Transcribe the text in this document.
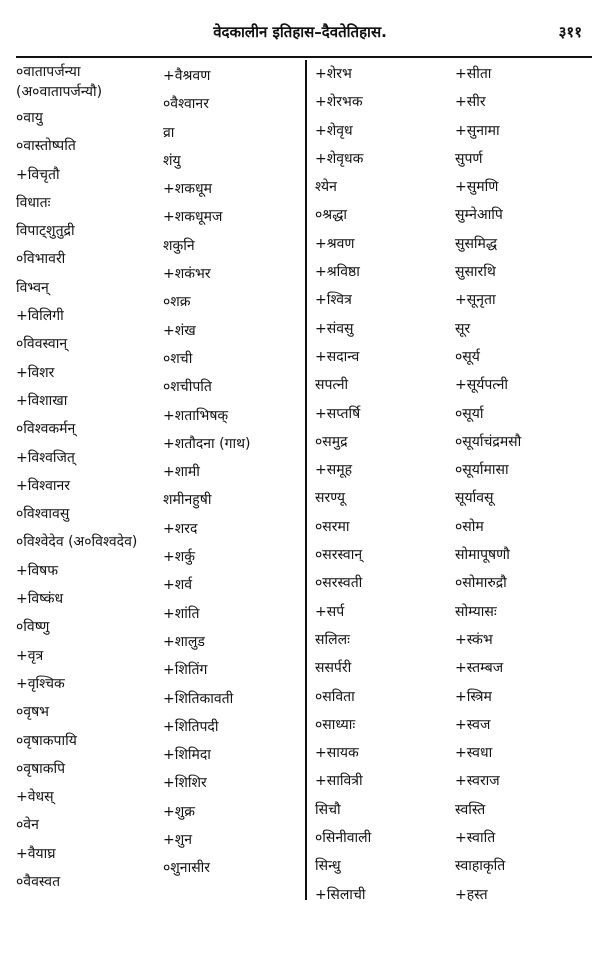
वेदकालीन इतिहास–दैवतेतिहास.	३११
०वातापर्जन्या
(अ०वातापर्जन्यौ)
०वायु
०वास्तोष्पति
+विचृतौ
विधातः
विपाट्शुतुद्री
०विभावरी
विभ्वन्
+विलिगी
०विवस्वान्
+विशर
+विशाखा
०विश्वकर्मन्
+विश्वजित्
+विश्वानर
०विश्वावसु
०विश्वेदेव (अ०विश्वदेव)
+विषफ
+विष्कंध
०विष्णु
+वृत्र
+वृश्चिक
०वृषभ
०वृषाकपायि
०वृषाकपि
+वेधस्
०वेन
+वैयाघ्र
०वैवस्वत
+वैश्रवण
०वैश्वानर
व्रा
शंयु
+शकधूम
+शकधूमज
शकुनि
+शकंभर
०शक्र
+शंख
०शची
०शचीपति
+शताभिषक्
+शतौदना (गाथ)
+शामी
शमीनहुषी
+शरद
+शर्कु
+शर्व
+शांति
+शालुड
+शितिंग
+शितिकावती
+शितिपदी
+शिमिदा
+शिशिर
+शुक्र
+शुन
०शुनासीर
+शेरभ
+शेरभक
+शेवृध
+शेवृधक
श्येन
०श्रद्धा
+श्रवण
+श्रविष्ठा
+श्वित्र
+संवसु
+सदान्व
सपत्नी
+सप्तर्षि
०समुद्र
+समूह
सरण्यू
०सरमा
०सरस्वान्
०सरस्वती
+सर्प
सलिलः
ससर्परी
०सविता
०साध्याः
+सायक
+सावित्री
सिचौ
०सिनीवाली
सिन्धु
+सिलाची
+सीता
+सीर
+सुनामा
सुपर्ण
+सुमणि
सुम्नेआपि
सुसमिद्ध
सुसारथि
+सूनृता
सूर
०सूर्य
+सूर्यपत्नी
०सूर्या
०सूर्याचंद्रमसौ
०सूर्यामासा
सूर्यावसू
०सोम
सोमापूषणौ
०सोमारुद्रौ
सोम्यासः
+स्कंभ
+स्तम्बज
+स्त्रिम
+स्वज
+स्वधा
+स्वराज
स्वस्ति
+स्वाति
स्वाहाकृति
+हस्त
